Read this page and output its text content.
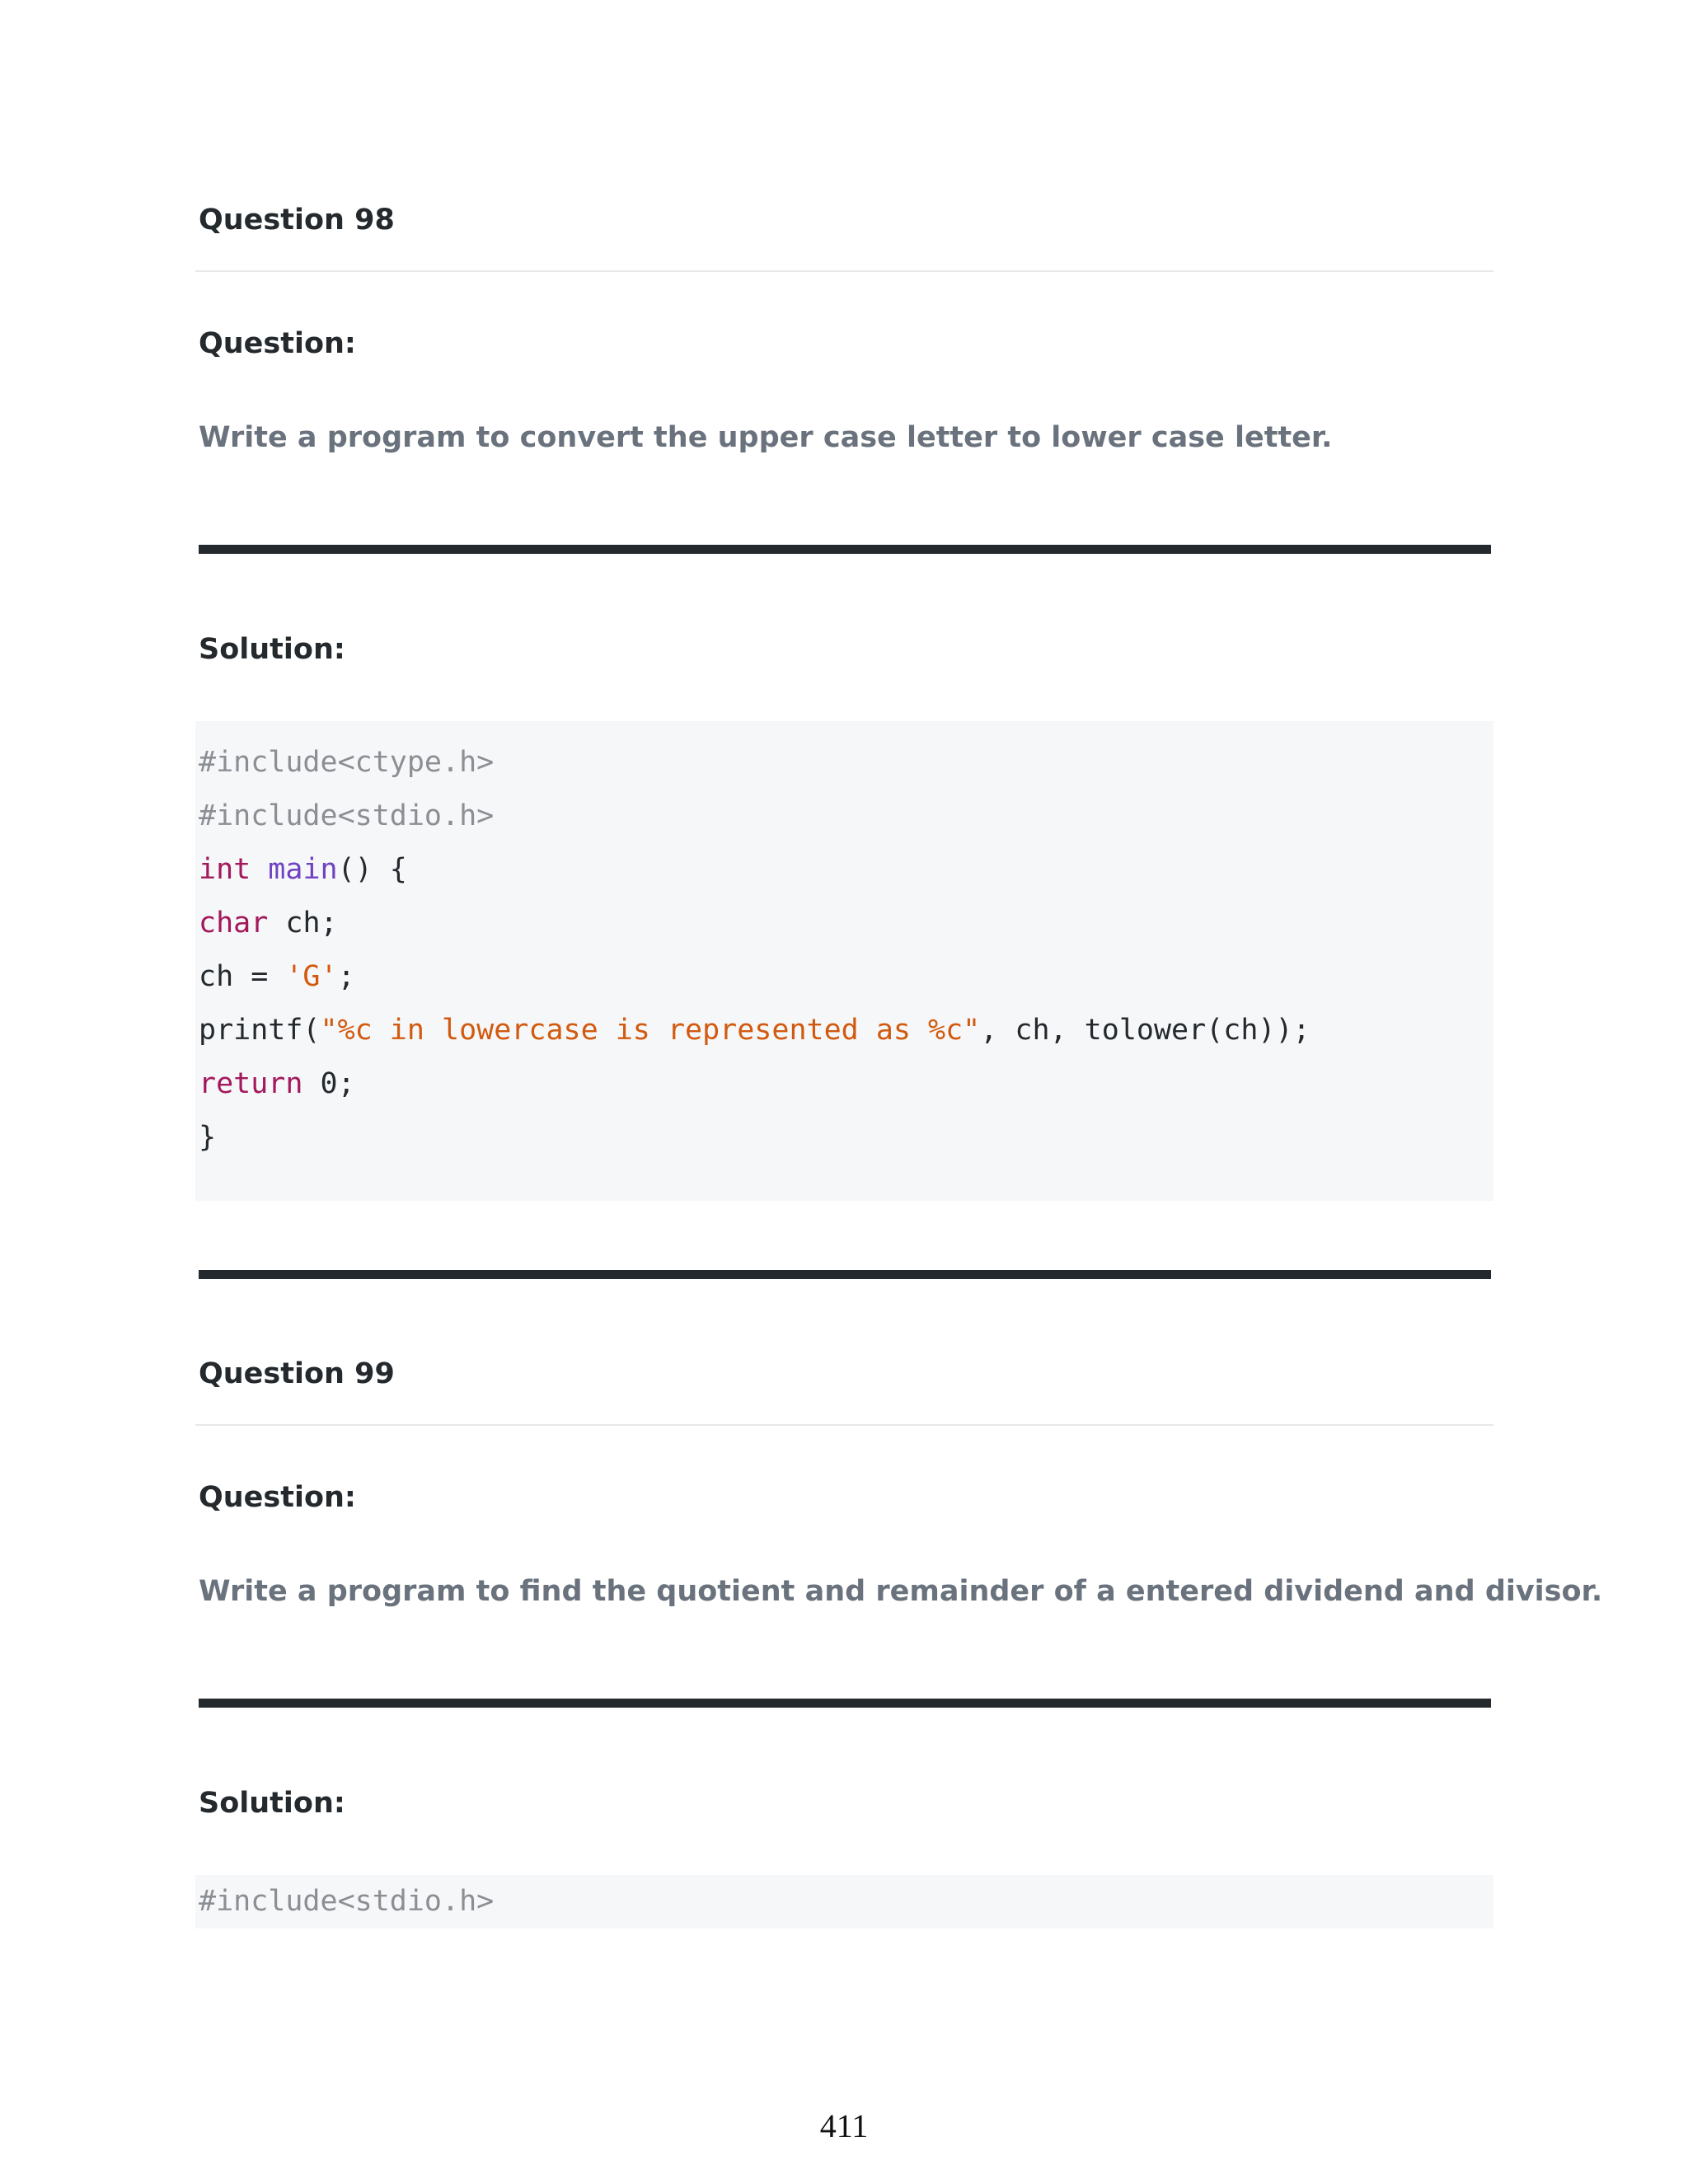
Question 98
Question:

Write a program to convert the upper case letter to lower case letter.

Solution:
#include<ctype.h>
#include<stdio.h>
int main() {
char ch;
ch = 'G';
printf("%c in lowercase is represented as %c", ch, tolower(ch));
return 0;
}
Question 99
Question:

Write a program to find the quotient and remainder of a entered dividend and divisor.

Solution:
#include<stdio.h>
411
